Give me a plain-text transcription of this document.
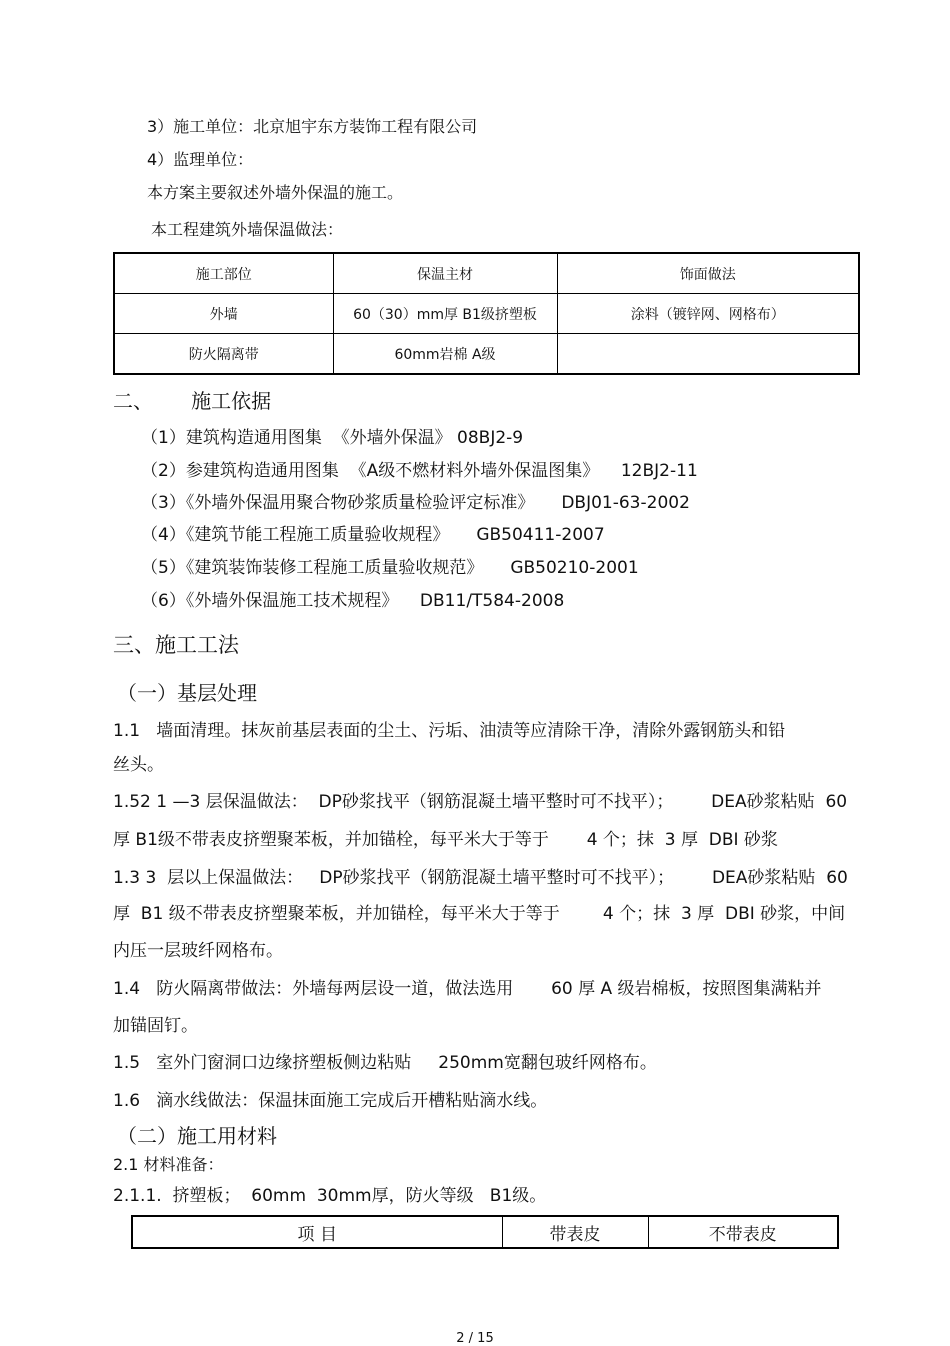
3）施工单位：北京旭宇东方装饰工程有限公司
4）监理单位：
本方案主要叙述外墙外保温的施工。
本工程建筑外墙保温做法：
施工部位	保温主材	饰面做法
外墙	60（30）mm厚 B1级挤塑板	涂料（镀锌网、网格布）
防火隔离带	60mm岩棉 A级	
二、      施工依据
（1）建筑构造通用图集  《外墙外保温》 08BJ2-9
（2）参建筑构造通用图集  《A级不燃材料外墙外保温图集》    12BJ2-11
（3）《外墙外保温用聚合物砂浆质量检验评定标准》     DBJ01-63-2002
（4）《建筑节能工程施工质量验收规程》     GB50411-2007
（5）《建筑装饰装修工程施工质量验收规范》     GB50210-2001
（6）《外墙外保温施工技术规程》    DB11/T584-2008
三、施工工法
（一）基层处理
1.1   墙面清理。抹灰前基层表面的尘土、污垢、油渍等应清除干净，清除外露钢筋头和铅
丝头。
1.52 1 —3 层保温做法：  DP砂浆找平（钢筋混凝土墙平整时可不找平）；       DEA砂浆粘贴  60
厚 B1级不带表皮挤塑聚苯板，并加锚栓，每平米大于等于       4 个；抹  3 厚  DBI 砂浆
1.3 3  层以上保温做法：   DP砂浆找平（钢筋混凝土墙平整时可不找平）；       DEA砂浆粘贴  60
厚  B1 级不带表皮挤塑聚苯板，并加锚栓，每平米大于等于        4 个；抹  3 厚  DBI 砂浆，中间
内压一层玻纤网格布。
1.4   防火隔离带做法：外墙每两层设一道，做法选用       60 厚 A 级岩棉板，按照图集满粘并
加锚固钉。
1.5   室外门窗洞口边缘挤塑板侧边粘贴     250mm宽翻包玻纤网格布。
1.6   滴水线做法：保温抹面施工完成后开槽粘贴滴水线。
（二）施工用材料
2.1 材料准备：
2.1.1.  挤塑板；  60mm  30mm厚，防火等级   B1级。
项 目	带表皮	不带表皮
2 / 15
